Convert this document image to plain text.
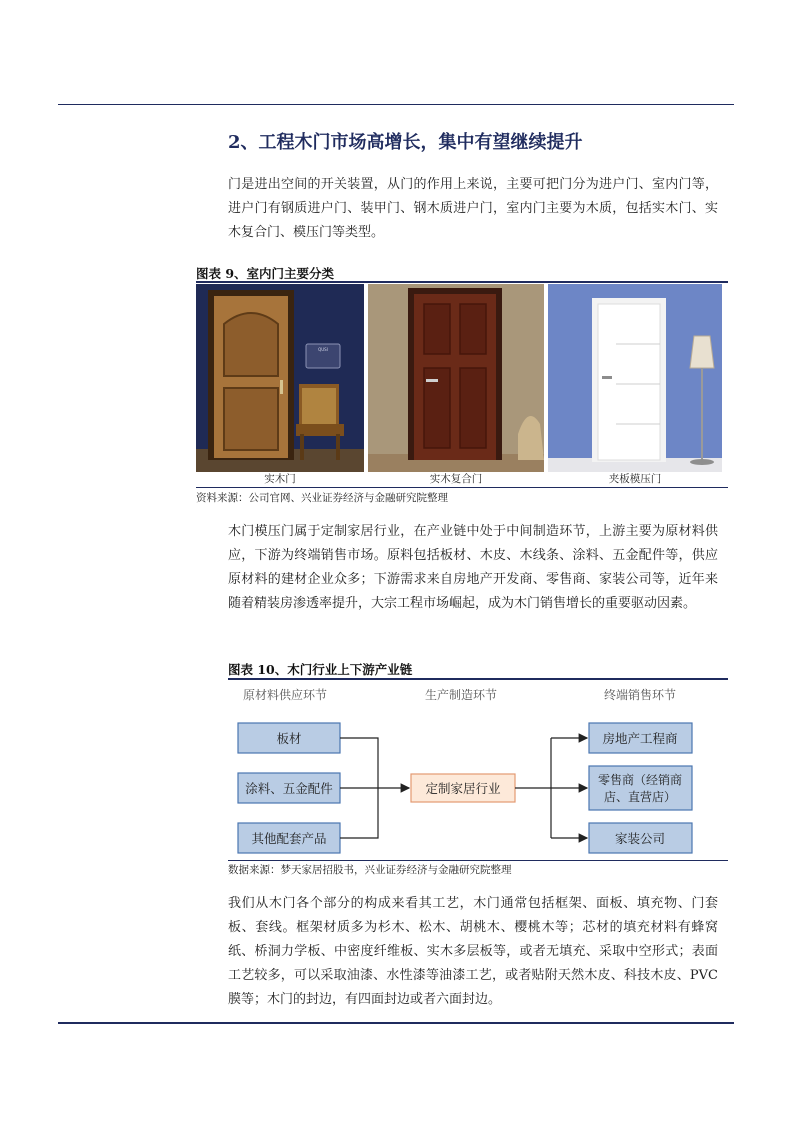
2、工程木门市场高增长，集中有望继续提升

门是进出空间的开关装置，从门的作用上来说，主要可把门分为进户门、室内门等，进户门有钢质进户门、装甲门、钢木质进户门，室内门主要为木质，包括实木门、实木复合门、模压门等类型。

图表 9、室内门主要分类
QUSI
实木门	实木复合门	夹板模压门
资料来源：公司官网、兴业证券经济与金融研究院整理

木门模压门属于定制家居行业，在产业链中处于中间制造环节，上游主要为原材料供应，下游为终端销售市场。原料包括板材、木皮、木线条、涂料、五金配件等，供应原材料的建材企业众多；下游需求来自房地产开发商、零售商、家装公司等，近年来随着精装房渗透率提升，大宗工程市场崛起，成为木门销售增长的重要驱动因素。

图表 10、木门行业上下游产业链
原材料供应环节	生产制造环节	终端销售环节
板材
涂料、五金配件
其他配套产品
定制家居行业
房地产工程商
零售商（经销商
店、直营店）
家装公司
数据来源：梦天家居招股书，兴业证券经济与金融研究院整理

我们从木门各个部分的构成来看其工艺，木门通常包括框架、面板、填充物、门套板、套线。框架材质多为杉木、松木、胡桃木、樱桃木等；芯材的填充材料有蜂窝纸、桥洞力学板、中密度纤维板、实木多层板等，或者无填充、采取中空形式；表面工艺较多，可以采取油漆、水性漆等油漆工艺，或者贴附天然木皮、科技木皮、PVC膜等；木门的封边，有四面封边或者六面封边。
